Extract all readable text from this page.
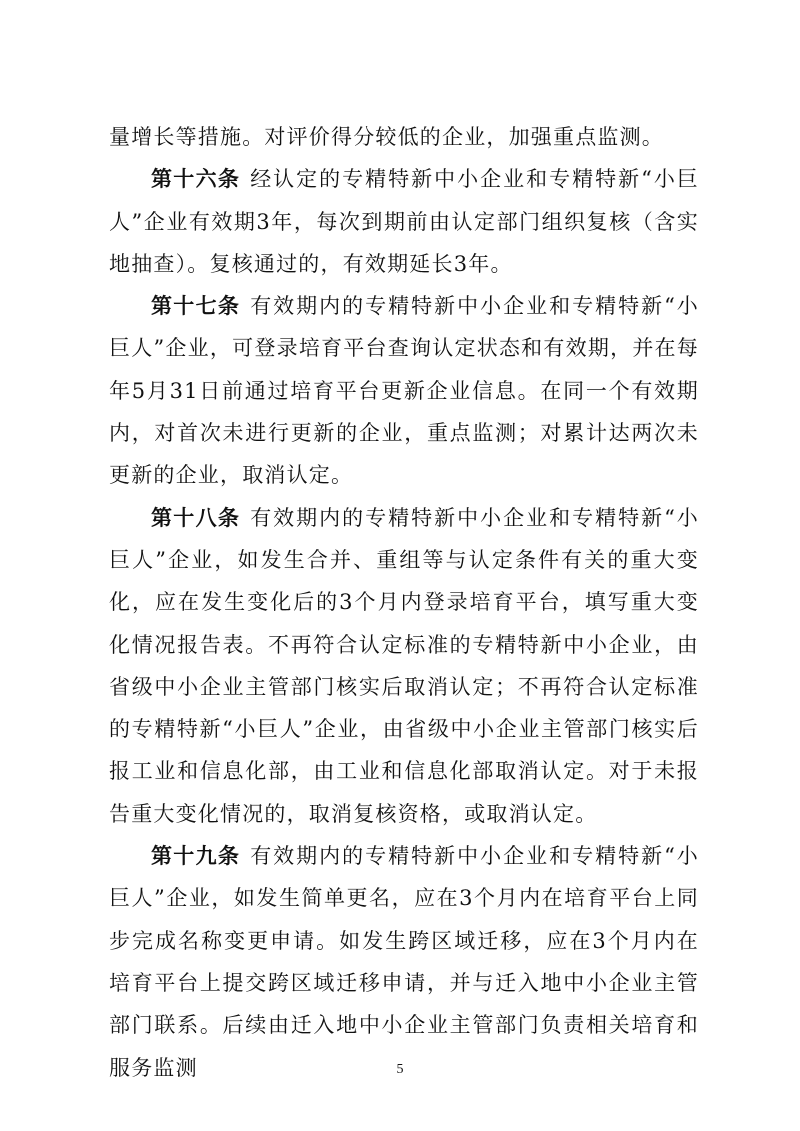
量增长等措施。对评价得分较低的企业，加强重点监测。

第十六条 经认定的专精特新中小企业和专精特新“小巨人”企业有效期3年，每次到期前由认定部门组织复核（含实地抽查）。复核通过的，有效期延长3年。

第十七条 有效期内的专精特新中小企业和专精特新“小巨人”企业，可登录培育平台查询认定状态和有效期，并在每年5月31日前通过培育平台更新企业信息。在同一个有效期内，对首次未进行更新的企业，重点监测；对累计达两次未更新的企业，取消认定。

第十八条 有效期内的专精特新中小企业和专精特新“小巨人”企业，如发生合并、重组等与认定条件有关的重大变化，应在发生变化后的3个月内登录培育平台，填写重大变化情况报告表。不再符合认定标准的专精特新中小企业，由省级中小企业主管部门核实后取消认定；不再符合认定标准的专精特新“小巨人”企业，由省级中小企业主管部门核实后报工业和信息化部，由工业和信息化部取消认定。对于未报告重大变化情况的，取消复核资格，或取消认定。

第十九条 有效期内的专精特新中小企业和专精特新“小巨人”企业，如发生简单更名，应在3个月内在培育平台上同步完成名称变更申请。如发生跨区域迁移，应在3个月内在培育平台上提交跨区域迁移申请，并与迁入地中小企业主管部门联系。后续由迁入地中小企业主管部门负责相关培育和服务监测	5
